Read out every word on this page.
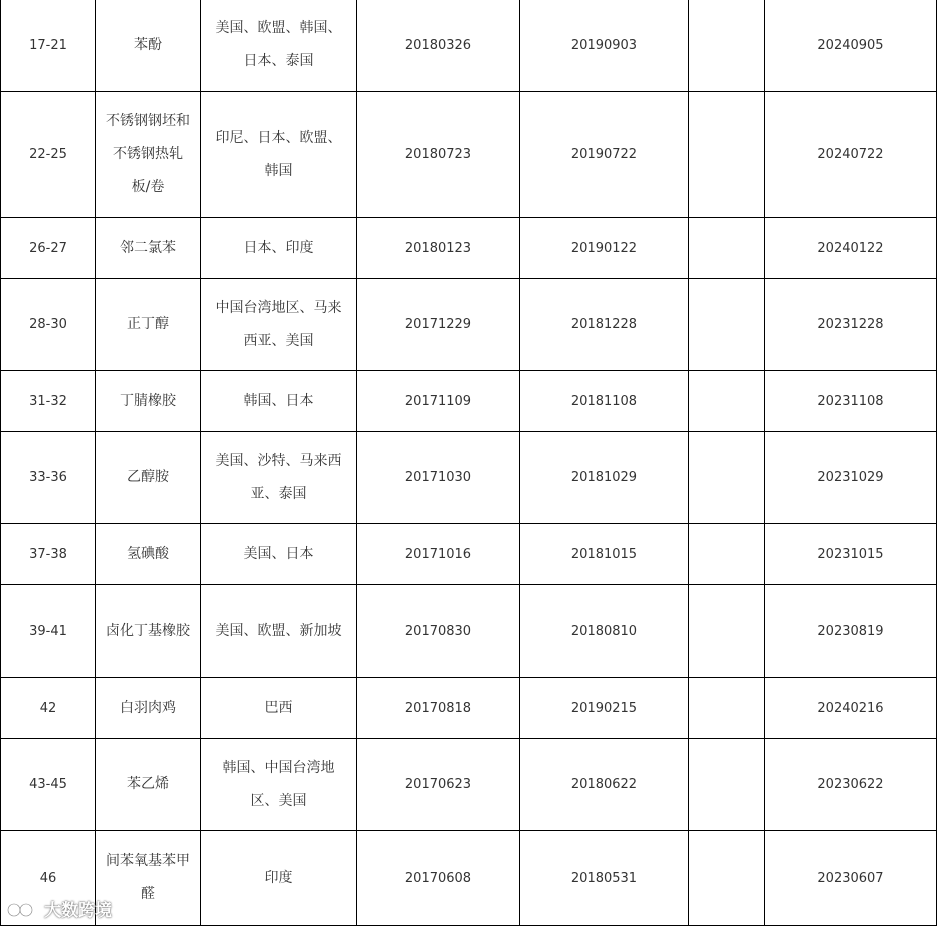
17-21	苯酚	美国、欧盟、韩国、日本、泰国	20180326	20190903		20240905
22-25	不锈钢钢坯和不锈钢热轧板/卷	印尼、日本、欧盟、韩国	20180723	20190722		20240722
26-27	邻二氯苯	日本、印度	20180123	20190122		20240122
28-30	正丁醇	中国台湾地区、马来西亚、美国	20171229	20181228		20231228
31-32	丁腈橡胶	韩国、日本	20171109	20181108		20231108
33-36	乙醇胺	美国、沙特、马来西亚、泰国	20171030	20181029		20231029
37-38	氢碘酸	美国、日本	20171016	20181015		20231015
39-41	卤化丁基橡胶	美国、欧盟、新加坡	20170830	20180810		20230819
42	白羽肉鸡	巴西	20170818	20190215		20240216
43-45	苯乙烯	韩国、中国台湾地区、美国	20170623	20180622		20230622
46	间苯氧基苯甲醛	印度	20170608	20180531		20230607
大数跨境
